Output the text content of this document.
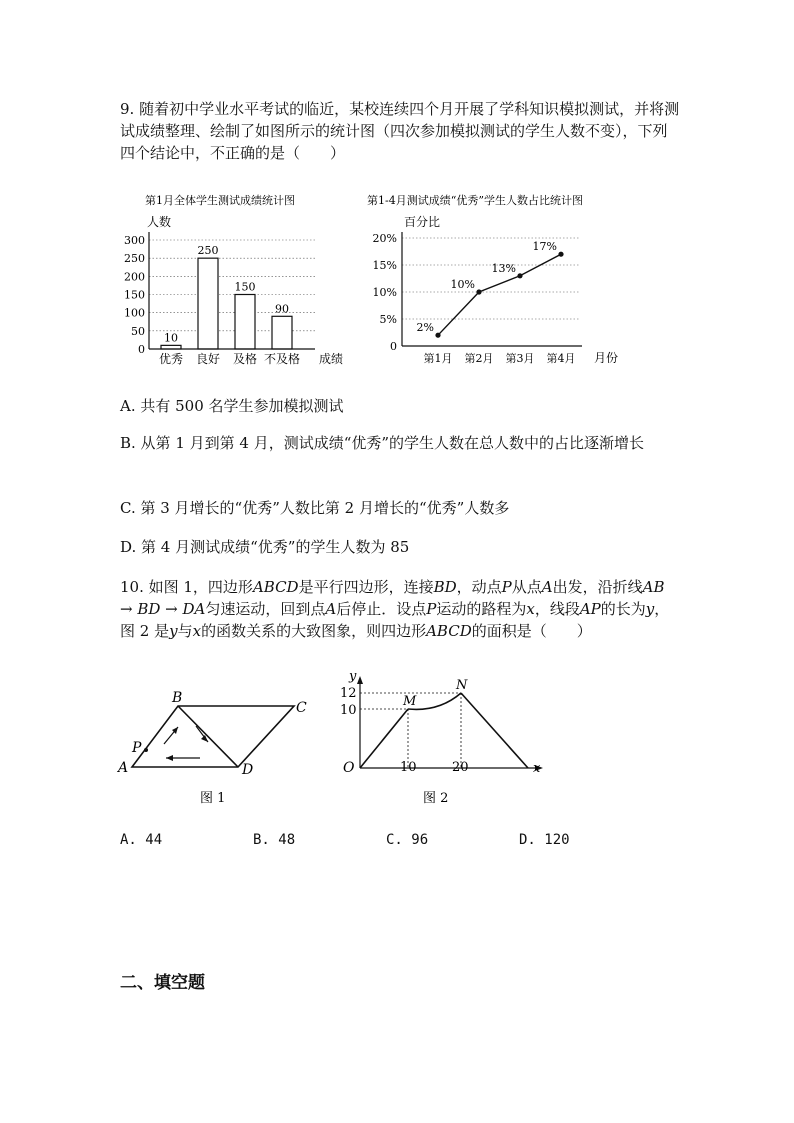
9. 随着初中学业水平考试的临近，某校连续四个月开展了学科知识模拟测试，并将测试成绩整理、绘制了如图所示的统计图（四次参加模拟测试的学生人数不变），下列四个结论中，不正确的是（　　）
第1月全体学生测试成绩统计图
人数
0
50
100
150
200
250
300
10
250
150
90
优秀 良好 及格 不及格 成绩
第1-4月测试成绩“优秀”学生人数占比统计图
百分比
0
5%
10%
15%
20%
2%
10%
13%
17%
第1月 第2月 第3月 第4月 月份
A. 共有 500 名学生参加模拟测试
B. 从第 1 月到第 4 月，测试成绩“优秀”的学生人数在总人数中的占比逐渐增长
C. 第 3 月增长的“优秀”人数比第 2 月增长的“优秀”人数多
D. 第 4 月测试成绩“优秀”的学生人数为 85
10. 如图 1，四边形ABCD是平行四边形，连接BD，动点P从点A出发，沿折线AB → BD → DA匀速运动，回到点A后停止．设点P运动的路程为x，线段AP的长为y，图 2 是y与x的函数关系的大致图象，则四边形ABCD的面积是（　　）
A
B
C
D
P
图 1
y
x
O
M
N
12
10
10	20
图 2
A. 44	B. 48	C. 96	D. 120
二、填空题
